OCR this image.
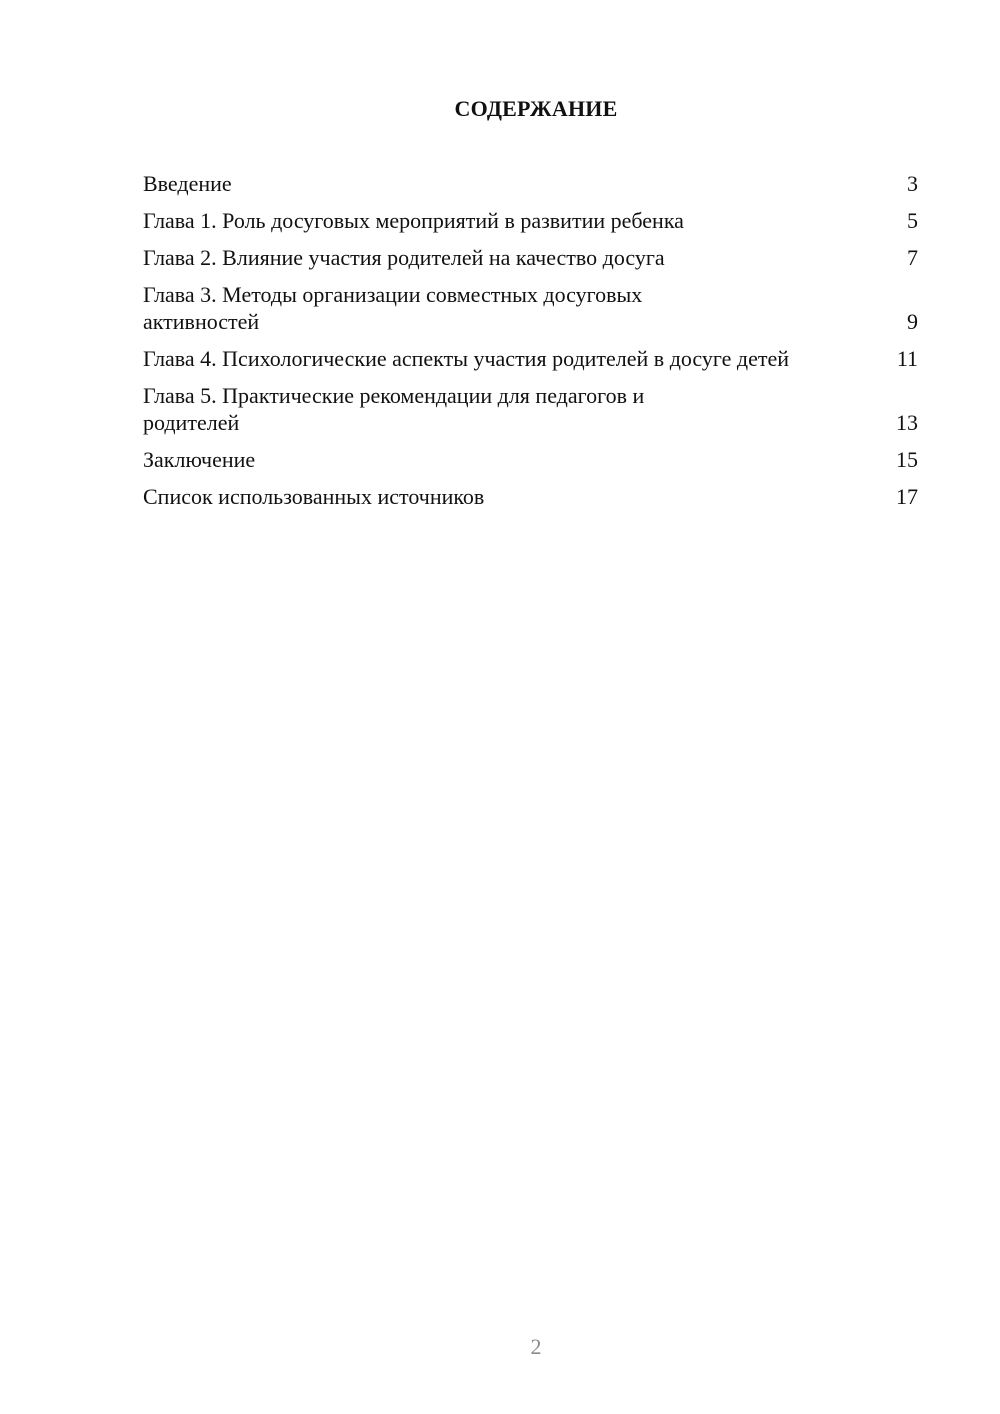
СОДЕРЖАНИЕ
Введение	3
Глава 1. Роль досуговых мероприятий в развитии ребенка	5
Глава 2. Влияние участия родителей на качество досуга	7
Глава 3. Методы организации совместных досуговых активностей	9
Глава 4. Психологические аспекты участия родителей в досуге детей	11
Глава 5. Практические рекомендации для педагогов и родителей	13
Заключение	15
Список использованных источников	17
2
